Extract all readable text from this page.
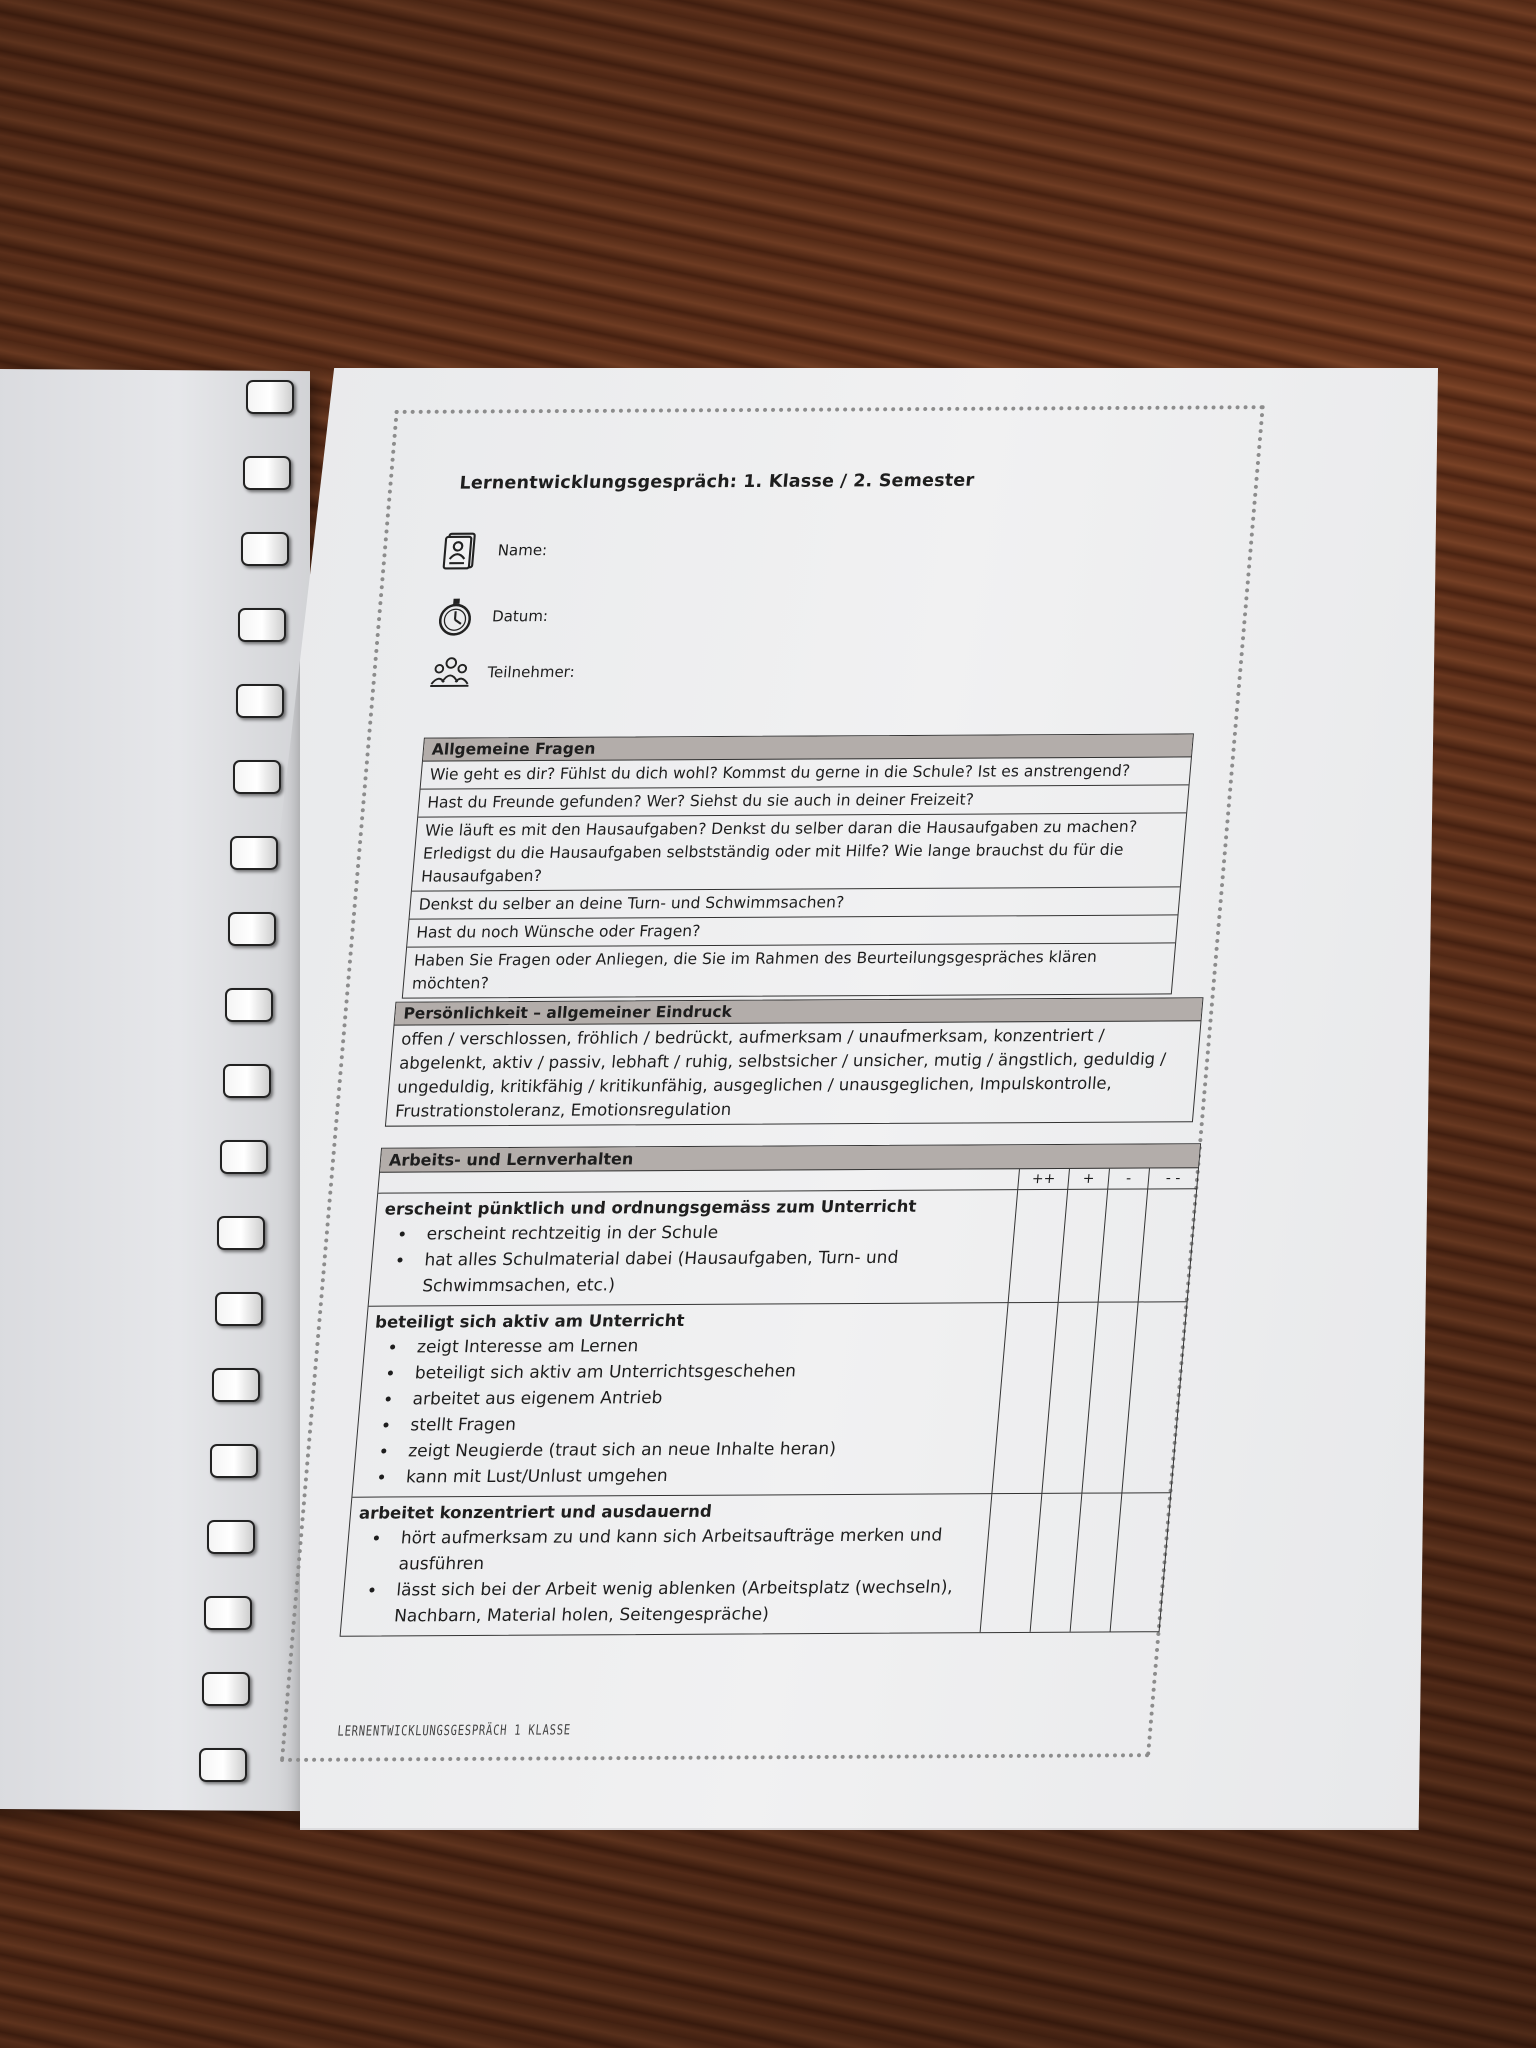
Lernentwicklungsgespräch: 1. Klasse / 2. Semester
Name:
Datum:
Teilnehmer:
Allgemeine Fragen
Wie geht es dir? Fühlst du dich wohl? Kommst du gerne in die Schule? Ist es anstrengend?
Hast du Freunde gefunden? Wer? Siehst du sie auch in deiner Freizeit?
Wie läuft es mit den Hausaufgaben? Denkst du selber daran die Hausaufgaben zu machen? Erledigst du die Hausaufgaben selbstständig oder mit Hilfe? Wie lange brauchst du für die Hausaufgaben?
Denkst du selber an deine Turn- und Schwimmsachen?
Hast du noch Wünsche oder Fragen?
Haben Sie Fragen oder Anliegen, die Sie im Rahmen des Beurteilungsgespräches klären möchten?
Persönlichkeit – allgemeiner Eindruck
offen / verschlossen, fröhlich / bedrückt, aufmerksam / unaufmerksam, konzentriert / abgelenkt, aktiv / passiv, lebhaft / ruhig, selbstsicher / unsicher, mutig / ängstlich, geduldig / ungeduldig, kritikfähig / kritikunfähig, ausgeglichen / unausgeglichen, Impulskontrolle, Frustrationstoleranz, Emotionsregulation
Arbeits- und Lernverhalten
++	+	-	- -
erscheint pünktlich und ordnungsgemäss zum Unterricht
• erscheint rechtzeitig in der Schule
• hat alles Schulmaterial dabei (Hausaufgaben, Turn- und Schwimmsachen, etc.)
beteiligt sich aktiv am Unterricht
• zeigt Interesse am Lernen
• beteiligt sich aktiv am Unterrichtsgeschehen
• arbeitet aus eigenem Antrieb
• stellt Fragen
• zeigt Neugierde (traut sich an neue Inhalte heran)
• kann mit Lust/Unlust umgehen
arbeitet konzentriert und ausdauernd
• hört aufmerksam zu und kann sich Arbeitsaufträge merken und ausführen
• lässt sich bei der Arbeit wenig ablenken (Arbeitsplatz (wechseln), Nachbarn, Material holen, Seitengespräche)
LERNENTWICKLUNGSGESPRÄCH 1 KLASSE
